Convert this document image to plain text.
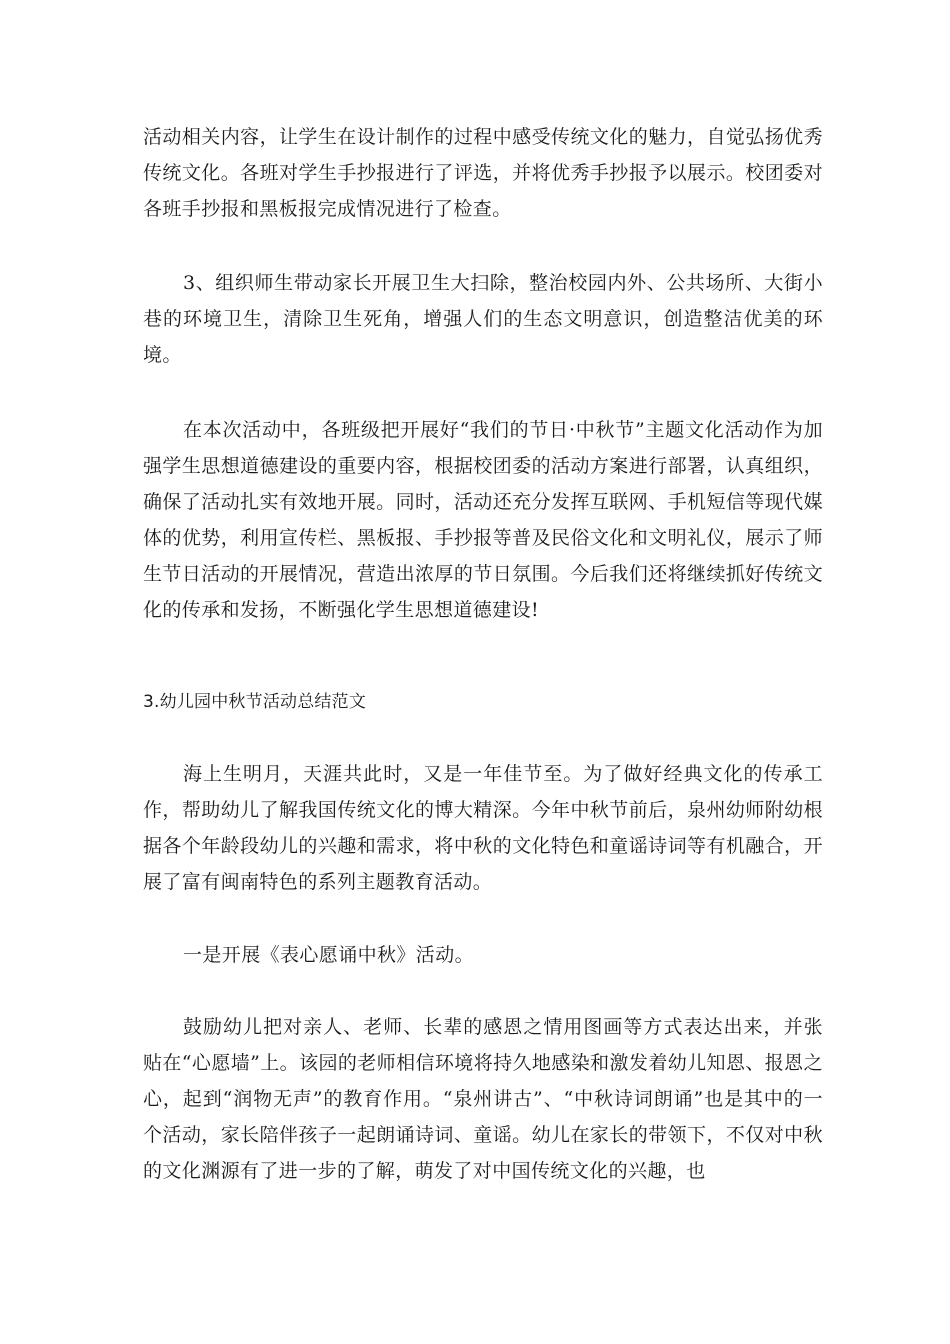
活动相关内容，让学生在设计制作的过程中感受传统文化的魅力，自觉弘扬优秀传统文化。各班对学生手抄报进行了评选，并将优秀手抄报予以展示。校团委对各班手抄报和黑板报完成情况进行了检查。

3、组织师生带动家长开展卫生大扫除，整治校园内外、公共场所、大街小巷的环境卫生，清除卫生死角，增强人们的生态文明意识，创造整洁优美的环境。

在本次活动中，各班级把开展好“我们的节日·中秋节”主题文化活动作为加强学生思想道德建设的重要内容，根据校团委的活动方案进行部署，认真组织，确保了活动扎实有效地开展。同时，活动还充分发挥互联网、手机短信等现代媒体的优势，利用宣传栏、黑板报、手抄报等普及民俗文化和文明礼仪，展示了师生节日活动的开展情况，营造出浓厚的节日氛围。今后我们还将继续抓好传统文化的传承和发扬，不断强化学生思想道德建设!

3.幼儿园中秋节活动总结范文

海上生明月，天涯共此时，又是一年佳节至。为了做好经典文化的传承工作，帮助幼儿了解我国传统文化的博大精深。今年中秋节前后，泉州幼师附幼根据各个年龄段幼儿的兴趣和需求，将中秋的文化特色和童谣诗词等有机融合，开展了富有闽南特色的系列主题教育活动。

一是开展《表心愿诵中秋》活动。

鼓励幼儿把对亲人、老师、长辈的感恩之情用图画等方式表达出来，并张贴在“心愿墙”上。该园的老师相信环境将持久地感染和激发着幼儿知恩、报恩之心，起到“润物无声”的教育作用。“泉州讲古”、“中秋诗词朗诵”也是其中的一个活动，家长陪伴孩子一起朗诵诗词、童谣。幼儿在家长的带领下，不仅对中秋的文化渊源有了进一步的了解，萌发了对中国传统文化的兴趣，也
